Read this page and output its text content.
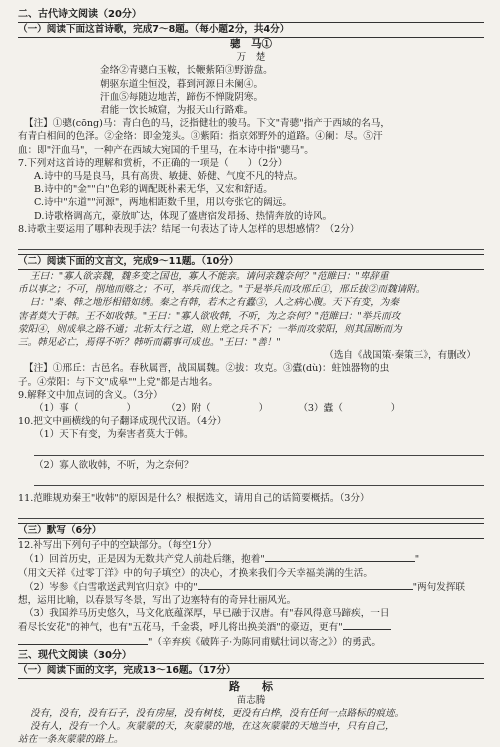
二、古代诗文阅读（20分）
（一）阅读下面这首诗歌，完成7～8题。（每小题2分，共4分）
骢　马①
万　楚
金络②青骢白玉鞍，长鞭紫陌③野游盘。
朝驱东道尘恒没，暮到河源日未阑④。
汗血⑤每随边地苦，蹄伤不惮陇阴寒。
君能一饮长城窟，为报天山行路难。
【注】①骢(cōng)马：青白色的马，泛指健壮的骏马。下文"青骢"指产于西域的名马，
有青白相间的色泽。②金络：即金笼头。③紫陌：指京郊野外的道路。④阑：尽。⑤汗
血：即"汗血马"，一种产在西域大宛国的千里马，在本诗中指"骢马"。
7.下列对这首诗的理解和赏析，不正确的一项是（　　）（2分）
A.诗中的马是良马，具有高贵、敏捷、娇健、气度不凡的特点。
B.诗中的"金""白"色彩的调配既朴素无华，又宏和舒适。
C.诗中"东道""河源"，两地相距数千里，用以夸张它的阔远。
D.诗歌格调高亢，豪放旷达，体现了盛唐宿发昂扬、热情奔放的诗风。
8.诗歌主要运用了哪种表现手法？结尾一句表达了诗人怎样的思想感情？（2分）
（二）阅读下面的文言文，完成9～11题。（10分）
王曰："寡人欲亲魏，魏多变之国也，寡人不能亲。请问亲魏奈何？"范睢曰："卑辞重
币以事之；不可，削地而赂之；不可，举兵而伐之。"于是举兵而攻邢丘①，邢丘拔②而魏请附。
曰："秦、韩之地形相错如绣。秦之有韩，若木之有蠹③，人之病心腹。天下有变，为秦
害者莫大于韩。王不如收韩。"王曰："寡人欲收韩，不听，为之奈何？"范睢曰："举兵而攻
荥阳④，则成皋之路不通；北斩太行之道，则上党之兵不下；一举而攻荥阳，则其国断而为
三。韩见必亡，焉得不听？韩听而霸事可成也。"王曰："善！"
（选自《战国策·秦策三》，有删改）
【注】①邢丘：古邑名。春秋属晋，战国属魏。②拔：攻克。③蠹(dù)：蛀蚀器物的虫
子。④荥阳：与下文"成皋""上党"都是古地名。
9.解释文中加点词的含义。（3分）
（1）事（　　　　　）	（2）附（　　　　　）	（3）蠹（　　　　　）
10.把文中画横线的句子翻译成现代汉语。（4分）
（1）天下有变，为秦害者莫大于韩。
（2）寡人欲收韩，不听，为之奈何？
11.范睢规劝秦王"收韩"的原因是什么？根据选文，请用自己的话简要概括。（3分）
（三）默写（6分）
12.补写出下列句子中的空缺部分。（每空1分）
（1）回首历史，正是因为无数共产党人前赴后继，抱着"	"
（用文天祥《过零丁洋》中的句子填空）的决心，才换来我们今天幸福美满的生活。
（2）岑参《白雪歌送武判官归京》中的"	"两句发挥联
想，运用比喻，以春景写冬景，写出了边塞特有的奇异壮丽风光。
（3）我国养马历史悠久，马文化底蕴深厚，早已融于汉唐。有"春风得意马蹄疾，一日
看尽长安花"的神气，也有"五花马，千金裘，呼儿将出换美酒"的豪迈，更有"
"（辛弃疾《破阵子·为陈同甫赋壮词以寄之》）的勇武。
三、现代文阅读（30分）
（一）阅读下面的文字，完成13～16题。（17分）
路　　标
苗志腾
没有，没有，没有石子，没有房屋，没有树枝，更没有白桦，没有任何一点路标的痕迹。
没有人，没有一个人。灰蒙蒙的天，灰蒙蒙的地，在这灰蒙蒙的天地当中，只有自己，
站在一条灰蒙蒙的路上。
